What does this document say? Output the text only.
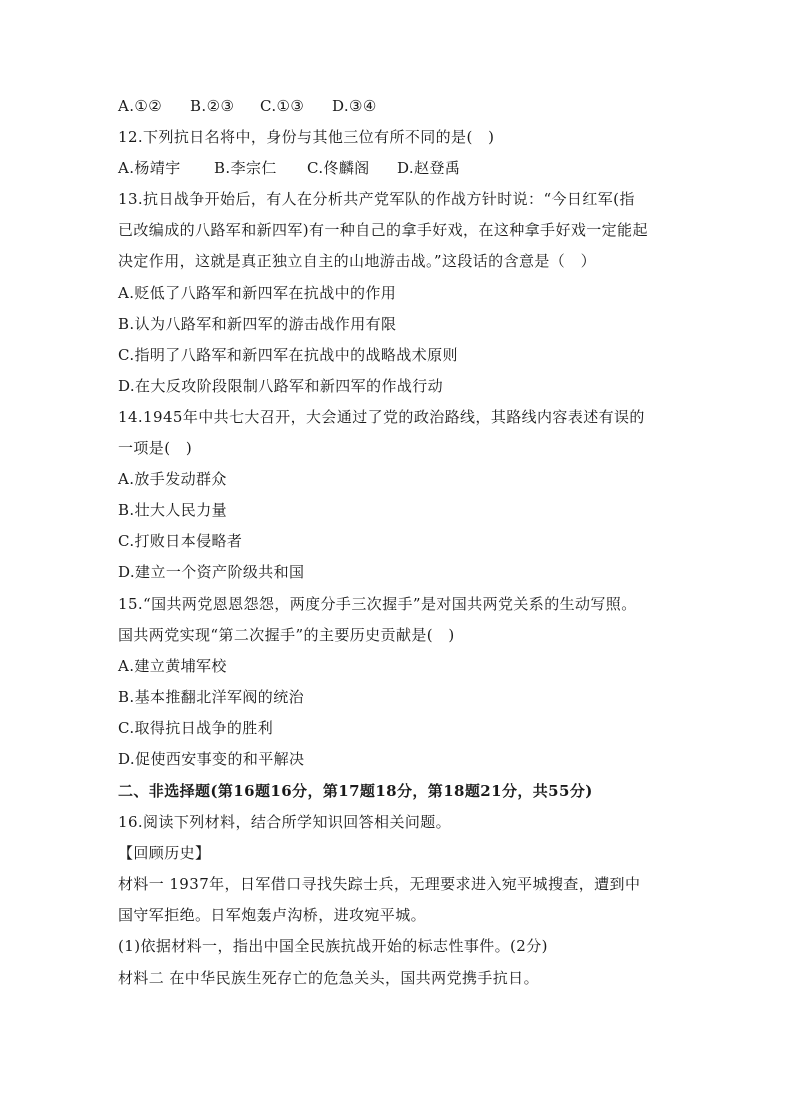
A.①②	B.②③	C.①③	D.③④
12.下列抗日名将中，身份与其他三位有所不同的是(　)
A.杨靖宇	B.李宗仁	C.佟麟阁	D.赵登禹
13.抗日战争开始后，有人在分析共产党军队的作战方针时说：“今日红军(指
已改编成的八路军和新四军)有一种自己的拿手好戏，在这种拿手好戏一定能起
决定作用，这就是真正独立自主的山地游击战。”这段话的含意是（　）
A.贬低了八路军和新四军在抗战中的作用
B.认为八路军和新四军的游击战作用有限
C.指明了八路军和新四军在抗战中的战略战术原则
D.在大反攻阶段限制八路军和新四军的作战行动
14.1945年中共七大召开，大会通过了党的政治路线，其路线内容表述有误的
一项是(　)
A.放手发动群众
B.壮大人民力量
C.打败日本侵略者
D.建立一个资产阶级共和国
15.“国共两党恩恩怨怨，两度分手三次握手”是对国共两党关系的生动写照。
国共两党实现“第二次握手”的主要历史贡献是(　)
A.建立黄埔军校
B.基本推翻北洋军阀的统治
C.取得抗日战争的胜利
D.促使西安事变的和平解决
二、非选择题(第16题16分，第17题18分，第18题21分，共55分)
16.阅读下列材料，结合所学知识回答相关问题。
【回顾历史】
材料一 1937年，日军借口寻找失踪士兵，无理要求进入宛平城搜查，遭到中
国守军拒绝。日军炮轰卢沟桥，进攻宛平城。
(1)依据材料一，指出中国全民族抗战开始的标志性事件。(2分)
材料二 在中华民族生死存亡的危急关头，国共两党携手抗日。
